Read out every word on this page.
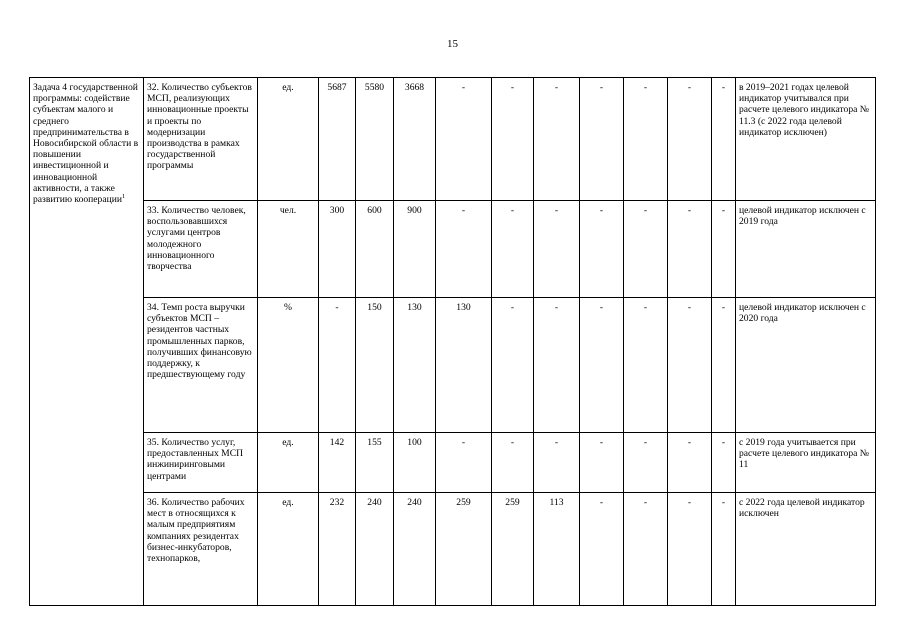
15
Задача 4 государственной программы: содействие субъектам малого и среднего предпринимательства в Новосибирской области в повышении инвестиционной и инновационной активности, а также развитию кооперации$^1$	32. Количество субъектов МСП, реализующих инновационные проекты и проекты по модернизации производства в рамках государственной программы	ед.	5687	5580	3668	-	-	-	-	-	-	-	в 2019–2021 годах целевой индикатор учитывался при расчете целевого индикатора № 11.3 (с 2022 года целевой индикатор исключен)
	33. Количество человек, воспользовавшихся услугами центров молодежного инновационного творчества	чел.	300	600	900	-	-	-	-	-	-	-	целевой индикатор исключен с 2019 года
	34. Темп роста выручки субъектов МСП – резидентов частных промышленных парков, получивших финансовую поддержку, к предшествующему году	%	-	150	130	130	-	-	-	-	-	-	целевой индикатор исключен с 2020 года
	35. Количество услуг, предоставленных МСП инжиниринговыми центрами	ед.	142	155	100	-	-	-	-	-	-	-	с 2019 года учитывается при расчете целевого индикатора № 11
	36. Количество рабочих мест в относящихся к малым предприятиям компаниях резидентах бизнес-инкубаторов, технопарков,	ед.	232	240	240	259	259	113	-	-	-	-	с 2022 года целевой индикатор исключен
